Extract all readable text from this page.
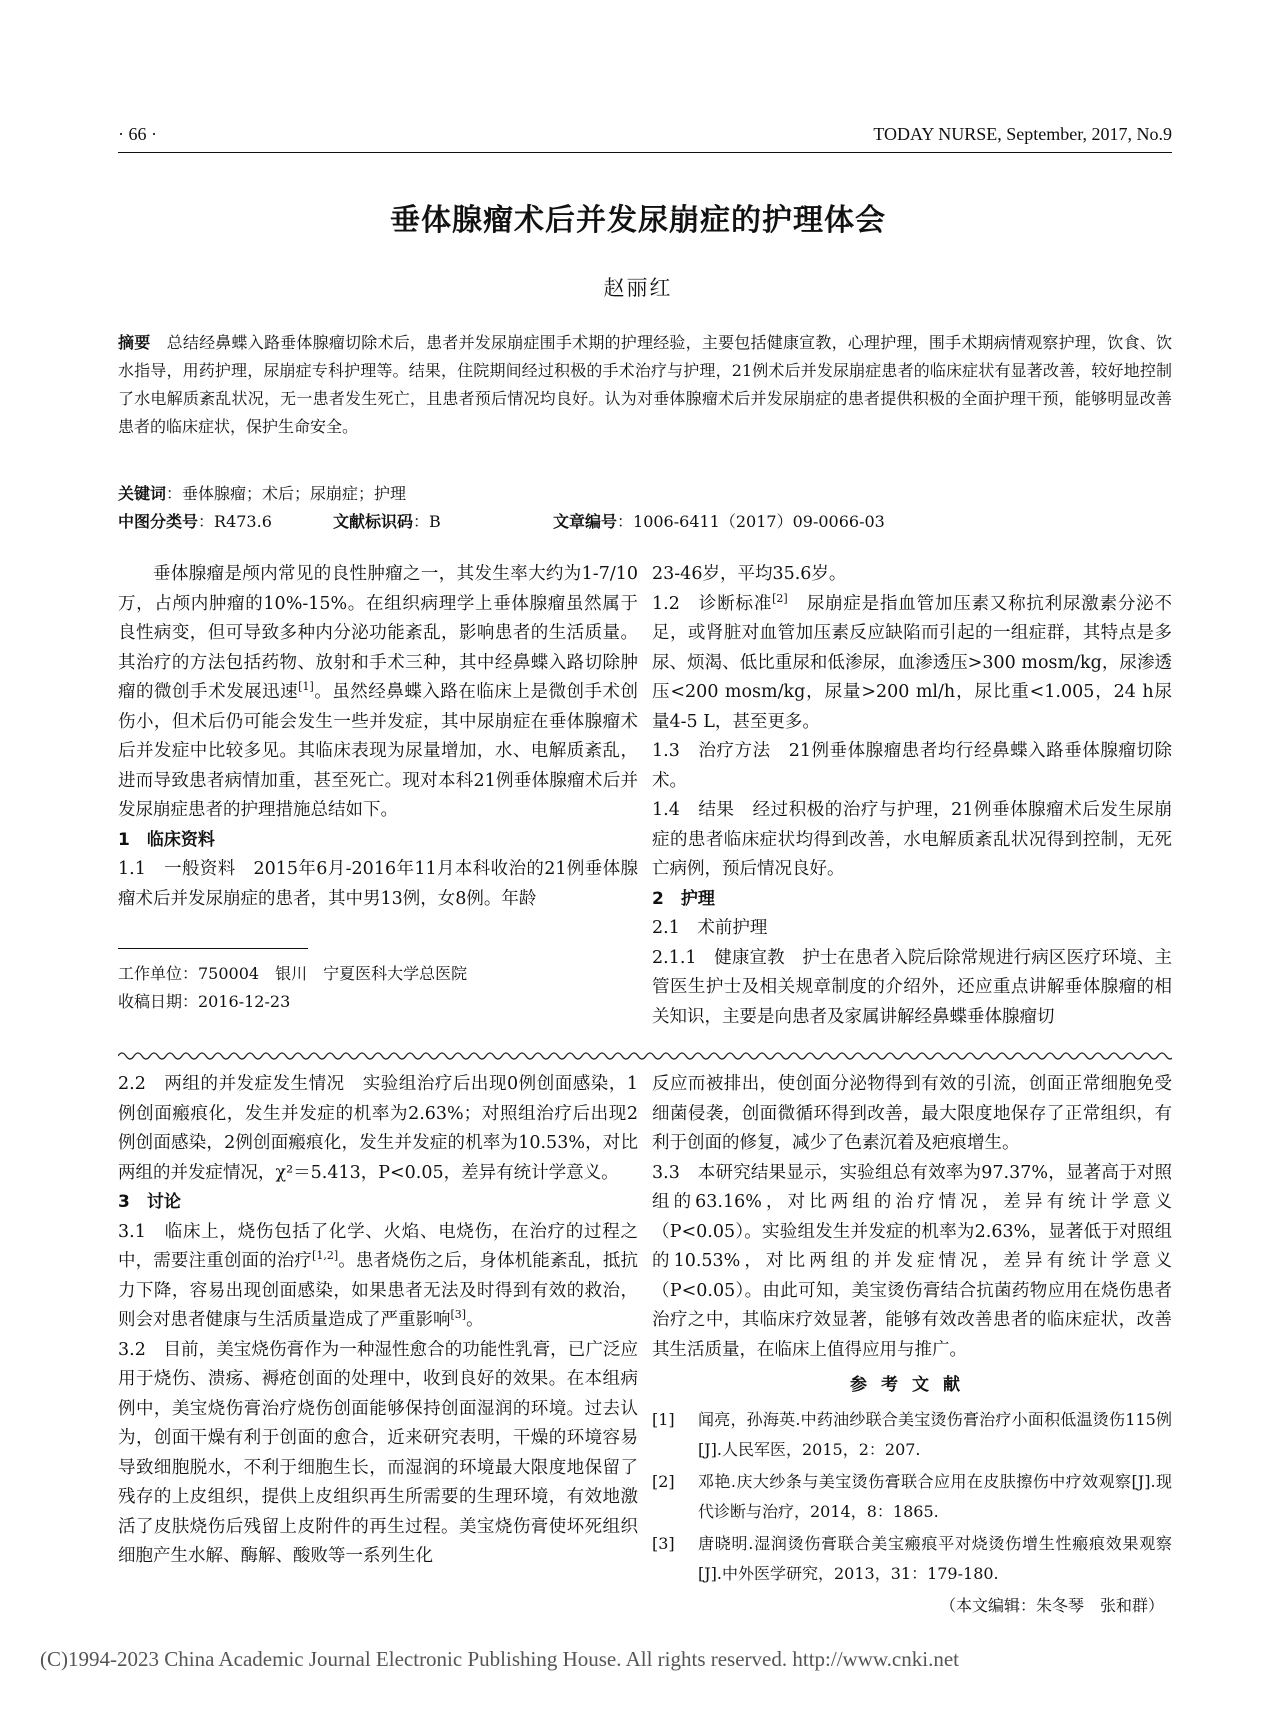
· 66 ·	TODAY NURSE, September, 2017, No.9
垂体腺瘤术后并发尿崩症的护理体会
赵丽红
摘要　 总结经鼻蝶入路垂体腺瘤切除术后，患者并发尿崩症围手术期的护理经验，主要包括健康宣教，心理护理，围手术期病情观察护理，饮食、饮水指导，用药护理，尿崩症专科护理等。结果，住院期间经过积极的手术治疗与护理，21例术后并发尿崩症患者的临床症状有显著改善，较好地控制了水电解质紊乱状况，无一患者发生死亡，且患者预后情况均良好。认为对垂体腺瘤术后并发尿崩症的患者提供积极的全面护理干预，能够明显改善患者的临床症状，保护生命安全。
关键词：垂体腺瘤；术后；尿崩症；护理
中图分类号：R473.6	文献标识码：B	文章编号：1006-6411（2017）09-0066-03

垂体腺瘤是颅内常见的良性肿瘤之一，其发生率大约为1-7/10万，占颅内肿瘤的10%-15%。在组织病理学上垂体腺瘤虽然属于良性病变，但可导致多种内分泌功能紊乱，影响患者的生活质量。其治疗的方法包括药物、放射和手术三种，其中经鼻蝶入路切除肿瘤的微创手术发展迅速[1]。虽然经鼻蝶入路在临床上是微创手术创伤小，但术后仍可能会发生一些并发症，其中尿崩症在垂体腺瘤术后并发症中比较多见。其临床表现为尿量增加，水、电解质紊乱，进而导致患者病情加重，甚至死亡。现对本科21例垂体腺瘤术后并发尿崩症患者的护理措施总结如下。

1　临床资料

1.1　一般资料　2015年6月-2016年11月本科收治的21例垂体腺瘤术后并发尿崩症的患者，其中男13例，女8例。年龄

工作单位：750004　银川　宁夏医科大学总医院
收稿日期：2016-12-23

23-46岁，平均35.6岁。

1.2　诊断标准[2]　尿崩症是指血管加压素又称抗利尿激素分泌不足，或肾脏对血管加压素反应缺陷而引起的一组症群，其特点是多尿、烦渴、低比重尿和低渗尿，血渗透压>300 mosm/kg，尿渗透压<200 mosm/kg，尿量>200 ml/h，尿比重<1.005，24 h尿量4-5 L，甚至更多。

1.3　治疗方法　21例垂体腺瘤患者均行经鼻蝶入路垂体腺瘤切除术。

1.4　结果　经过积极的治疗与护理，21例垂体腺瘤术后发生尿崩症的患者临床症状均得到改善，水电解质紊乱状况得到控制，无死亡病例，预后情况良好。

2　护理

2.1　术前护理

2.1.1　健康宣教　护士在患者入院后除常规进行病区医疗环境、主管医生护士及相关规章制度的介绍外，还应重点讲解垂体腺瘤的相关知识，主要是向患者及家属讲解经鼻蝶垂体腺瘤切

2.2　两组的并发症发生情况　实验组治疗后出现0例创面感染，1例创面瘢痕化，发生并发症的机率为2.63%；对照组治疗后出现2例创面感染，2例创面瘢痕化，发生并发症的机率为10.53%，对比两组的并发症情况，χ²＝5.413，P<0.05，差异有统计学意义。

3　讨论

3.1　临床上，烧伤包括了化学、火焰、电烧伤，在治疗的过程之中，需要注重创面的治疗[1,2]。患者烧伤之后，身体机能紊乱，抵抗力下降，容易出现创面感染，如果患者无法及时得到有效的救治，则会对患者健康与生活质量造成了严重影响[3]。

3.2　目前，美宝烧伤膏作为一种湿性愈合的功能性乳膏，已广泛应用于烧伤、溃疡、褥疮创面的处理中，收到良好的效果。在本组病例中，美宝烧伤膏治疗烧伤创面能够保持创面湿润的环境。过去认为，创面干燥有利于创面的愈合，近来研究表明，干燥的环境容易导致细胞脱水，不利于细胞生长，而湿润的环境最大限度地保留了残存的上皮组织，提供上皮组织再生所需要的生理环境，有效地激活了皮肤烧伤后残留上皮附件的再生过程。美宝烧伤膏使坏死组织细胞产生水解、酶解、酸败等一系列生化

反应而被排出，使创面分泌物得到有效的引流，创面正常细胞免受细菌侵袭，创面微循环得到改善，最大限度地保存了正常组织，有利于创面的修复，减少了色素沉着及疤痕增生。

3.3　本研究结果显示，实验组总有效率为97.37%，显著高于对照组的63.16%，对比两组的治疗情况，差异有统计学意义（P<0.05）。实验组发生并发症的机率为2.63%，显著低于对照组的10.53%，对比两组的并发症情况，差异有统计学意义（P<0.05）。由此可知，美宝烫伤膏结合抗菌药物应用在烧伤患者治疗之中，其临床疗效显著，能够有效改善患者的临床症状，改善其生活质量，在临床上值得应用与推广。

参考文献
[1]	闻亮，孙海英.中药油纱联合美宝烫伤膏治疗小面积低温烫伤115例[J].人民军医，2015，2：207.
[2]	邓艳.庆大纱条与美宝烫伤膏联合应用在皮肤擦伤中疗效观察[J].现代诊断与治疗，2014，8：1865.
[3]	唐晓明.湿润烫伤膏联合美宝瘢痕平对烧烫伤增生性瘢痕效果观察[J].中外医学研究，2013，31：179-180.
（本文编辑：朱冬琴　张和群）
(C)1994-2023 China Academic Journal Electronic Publishing House. All rights reserved. http://www.cnki.net
